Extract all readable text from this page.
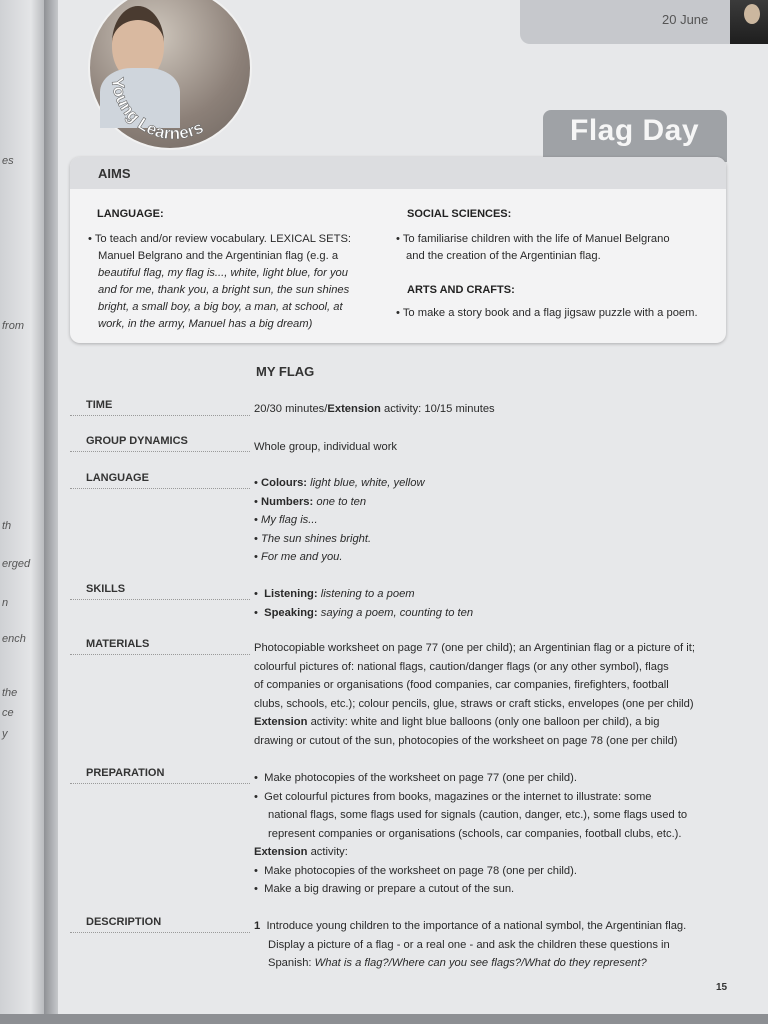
es
from
th
erged
n
ench
the
ce
y
Young Learners
20 June
Flag Day
AIMS
LANGUAGE:
• To teach and/or review vocabulary. LEXICAL SETS:
Manuel Belgrano and the Argentinian flag (e.g. a
beautiful flag, my flag is..., white, light blue, for you
and for me, thank you, a bright sun, the sun shines
bright, a small boy, a big boy, a man, at school, at
work, in the army, Manuel has a big dream)
SOCIAL SCIENCES:
• To familiarise children with the life of Manuel Belgrano
and the creation of the Argentinian flag.
ARTS AND CRAFTS:
• To make a story book and a flag jigsaw puzzle with a poem.
MY FLAG
TIME	20/30 minutes/Extension activity: 10/15 minutes
GROUP DYNAMICS	Whole group, individual work
LANGUAGE	• Colours: light blue, white, yellow
• Numbers: one to ten
• My flag is...
• The sun shines bright.
• For me and you.
SKILLS	•  Listening: listening to a poem
•  Speaking: saying a poem, counting to ten
MATERIALS	Photocopiable worksheet on page 77 (one per child); an Argentinian flag or a picture of it;
colourful pictures of: national flags, caution/danger flags (or any other symbol), flags
of companies or organisations (food companies, car companies, firefighters, football
clubs, schools, etc.); colour pencils, glue, straws or craft sticks, envelopes (one per child)
Extension activity: white and light blue balloons (only one balloon per child), a big
drawing or cutout of the sun, photocopies of the worksheet on page 78 (one per child)
PREPARATION	•  Make photocopies of the worksheet on page 77 (one per child).
•  Get colourful pictures from books, magazines or the internet to illustrate: some
national flags, some flags used for signals (caution, danger, etc.), some flags used to
represent companies or organisations (schools, car companies, football clubs, etc.).
Extension activity:
•  Make photocopies of the worksheet on page 78 (one per child).
•  Make a big drawing or prepare a cutout of the sun.
DESCRIPTION	1 Introduce young children to the importance of a national symbol, the Argentinian flag.
Display a picture of a flag - or a real one - and ask the children these questions in
Spanish: What is a flag?/Where can you see flags?/What do they represent?
15
